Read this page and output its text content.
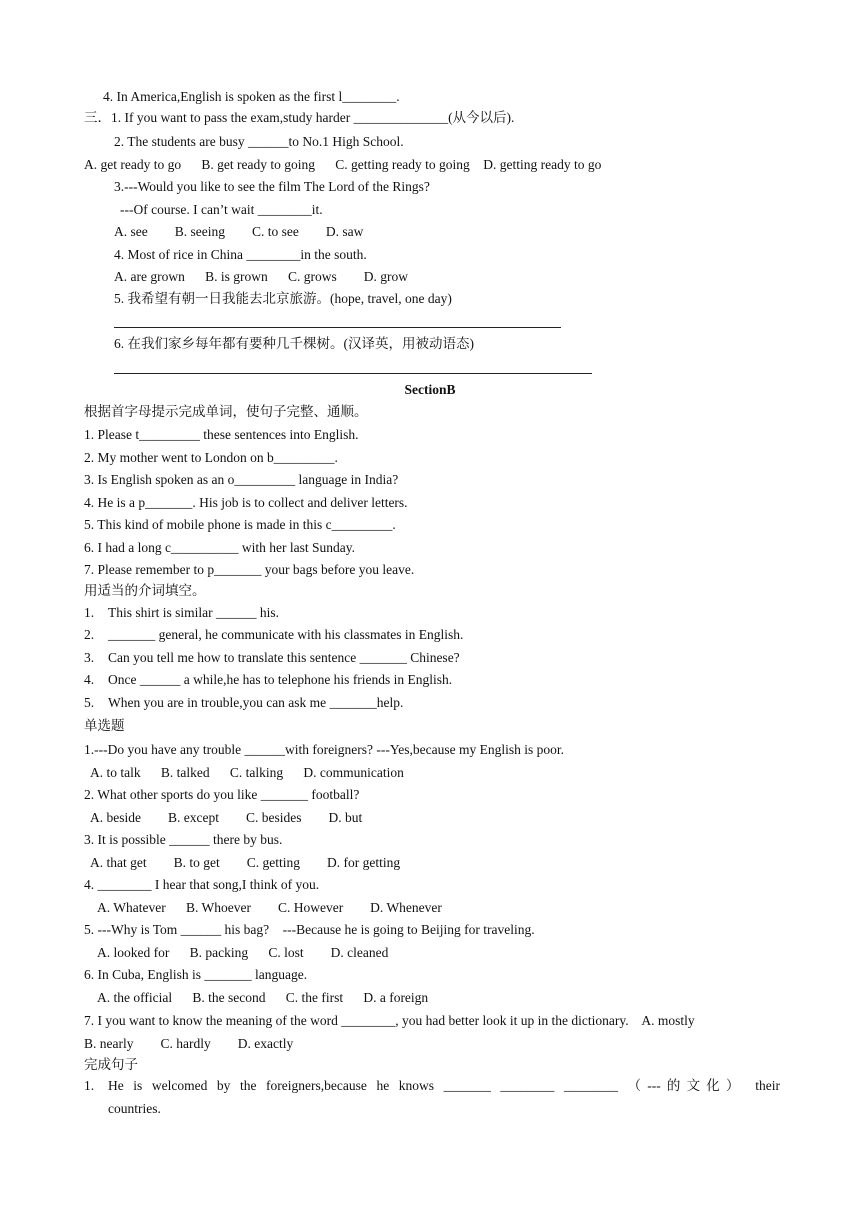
4. In America,English is spoken as the first l________.
三．1. If you want to pass the exam,study harder ______________(从今以后).
2. The students are busy ______to No.1 High School.
A. get ready to go      B. get ready to going      C. getting ready to going    D. getting ready to go
3.---Would you like to see the film The Lord of the Rings?
---Of course. I can’t wait ________it.
A. see        B. seeing        C. to see        D. saw
4. Most of rice in China ________in the south.
A. are grown      B. is grown      C. grows        D. grow
5. 我希望有朝一日我能去北京旅游。(hope, travel, one day)
6. 在我们家乡每年都有要种几千棵树。(汉译英，用被动语态)
SectionB
根据首字母提示完成单词，使句子完整、通顺。
1. Please t_________ these sentences into English.
2. My mother went to London on b_________.
3. Is English spoken as an o_________ language in India?
4. He is a p_______. His job is to collect and deliver letters.
5. This kind of mobile phone is made in this c_________.
6. I had a long c__________ with her last Sunday.
7. Please remember to p_______ your bags before you leave.
用适当的介词填空。
1. This shirt is similar ______ his.
2. _______ general, he communicate with his classmates in English.
3. Can you tell me how to translate this sentence _______ Chinese?
4. Once ______ a while,he has to telephone his friends in English.
5. When you are in trouble,you can ask me _______help.
单选题
1.---Do you have any trouble ______with foreigners? ---Yes,because my English is poor.
A. to talk      B. talked      C. talking      D. communication
2. What other sports do you like _______ football?
A. beside        B. except        C. besides        D. but
3. It is possible ______ there by bus.
A. that get        B. to get        C. getting        D. for getting
4. ________ I hear that song,I think of you.
A. Whatever      B. Whoever        C. However        D. Whenever
5. ---Why is Tom ______ his bag?    ---Because he is going to Beijing for traveling.
A. looked for      B. packing      C. lost        D. cleaned
6. In Cuba, English is _______ language.
A. the official      B. the second      C. the first      D. a foreign
7. I you want to know the meaning of the word ________, you had better look it up in the dictionary.    A. mostly
B. nearly        C. hardly        D. exactly
完成句子
1. He is welcomed by the foreigners,because he knows _______ ________ ________ （---的文化） their
countries.
